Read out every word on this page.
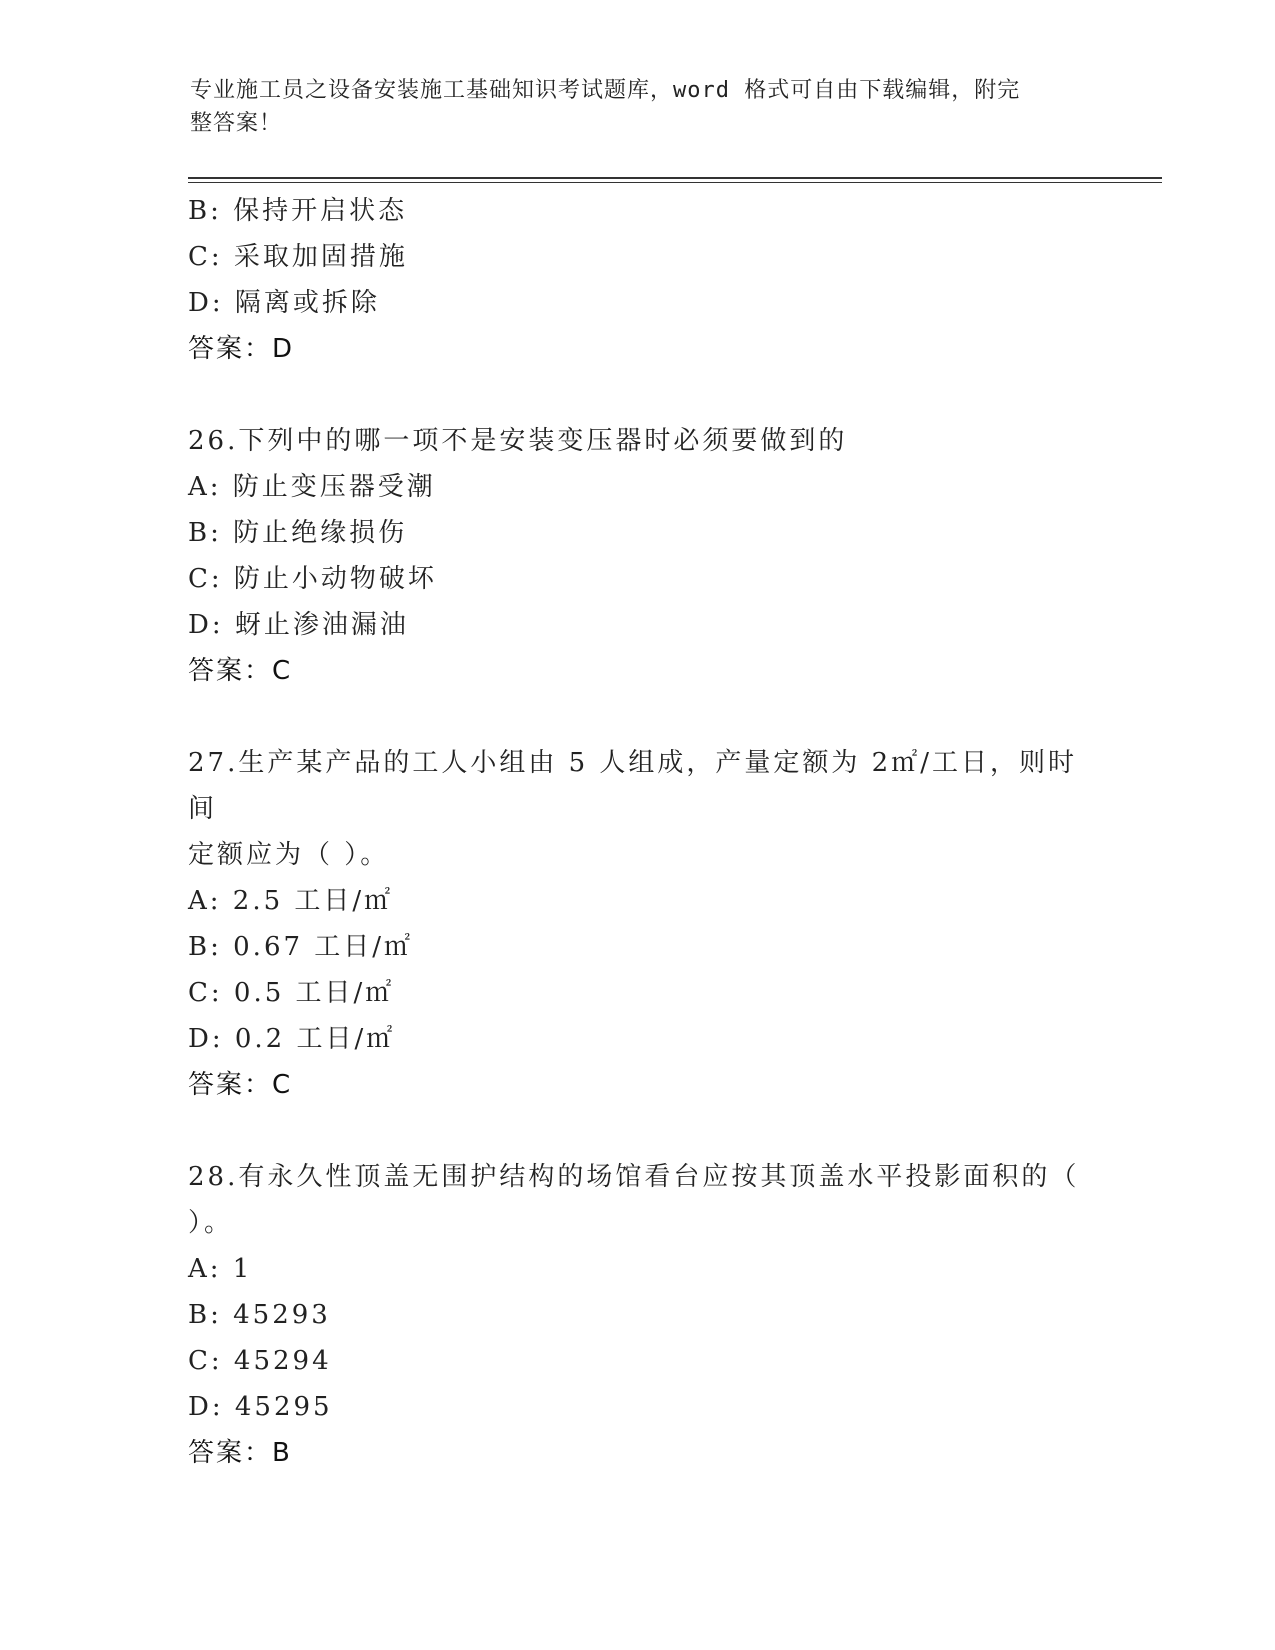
专业施工员之设备安装施工基础知识考试题库，word 格式可自由下载编辑，附完
整答案！
B: 保持开启状态
C: 采取加固措施
D: 隔离或拆除
答案：D
26.下列中的哪一项不是安装变压器时必须要做到的
A: 防止变压器受潮
B: 防止绝缘损伤
C: 防止小动物破坏
D: 蚜止渗油漏油
答案：C
27.生产某产品的工人小组由 5 人组成，产量定额为 2㎡/工日，则时间
定额应为（ ）。
A: 2.5 工日/㎡
B: 0.67 工日/㎡
C: 0.5 工日/㎡
D: 0.2 工日/㎡
答案：C
28.有永久性顶盖无围护结构的场馆看台应按其顶盖水平投影面积的（
）。
A: 1
B: 45293
C: 45294
D: 45295
答案：B
